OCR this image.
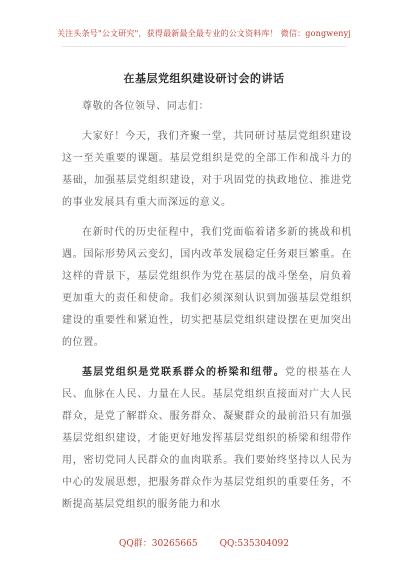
关注头条号"公文研究"，获得最新最全最专业的公文资料库！ 微信：gongwenyj
在基层党组织建设研讨会的讲话

尊敬的各位领导、同志们：

大家好！今天，我们齐聚一堂，共同研讨基层党组织建设这一至关重要的课题。基层党组织是党的全部工作和战斗力的基础，加强基层党组织建设，对于巩固党的执政地位、推进党的事业发展具有重大而深远的意义。

在新时代的历史征程中，我们党面临着诸多新的挑战和机遇。国际形势风云变幻，国内改革发展稳定任务艰巨繁重。在这样的背景下，基层党组织作为党在基层的战斗堡垒，肩负着更加重大的责任和使命。我们必须深刻认识到加强基层党组织建设的重要性和紧迫性，切实把基层党组织建设摆在更加突出的位置。

基层党组织是党联系群众的桥梁和纽带。党的根基在人民、血脉在人民、力量在人民。基层党组织直接面对广大人民群众，是党了解群众、服务群众、凝聚群众的最前沿只有加强基层党组织建设，才能更好地发挥基层党组织的桥梁和纽带作用，密切党同人民群众的血肉联系。我们要始终坚持以人民为中心的发展思想，把服务群众作为基层党组织的重要任务，不断提高基层党组织的服务能力和水

QQ群：30265665 QQ:535304092
